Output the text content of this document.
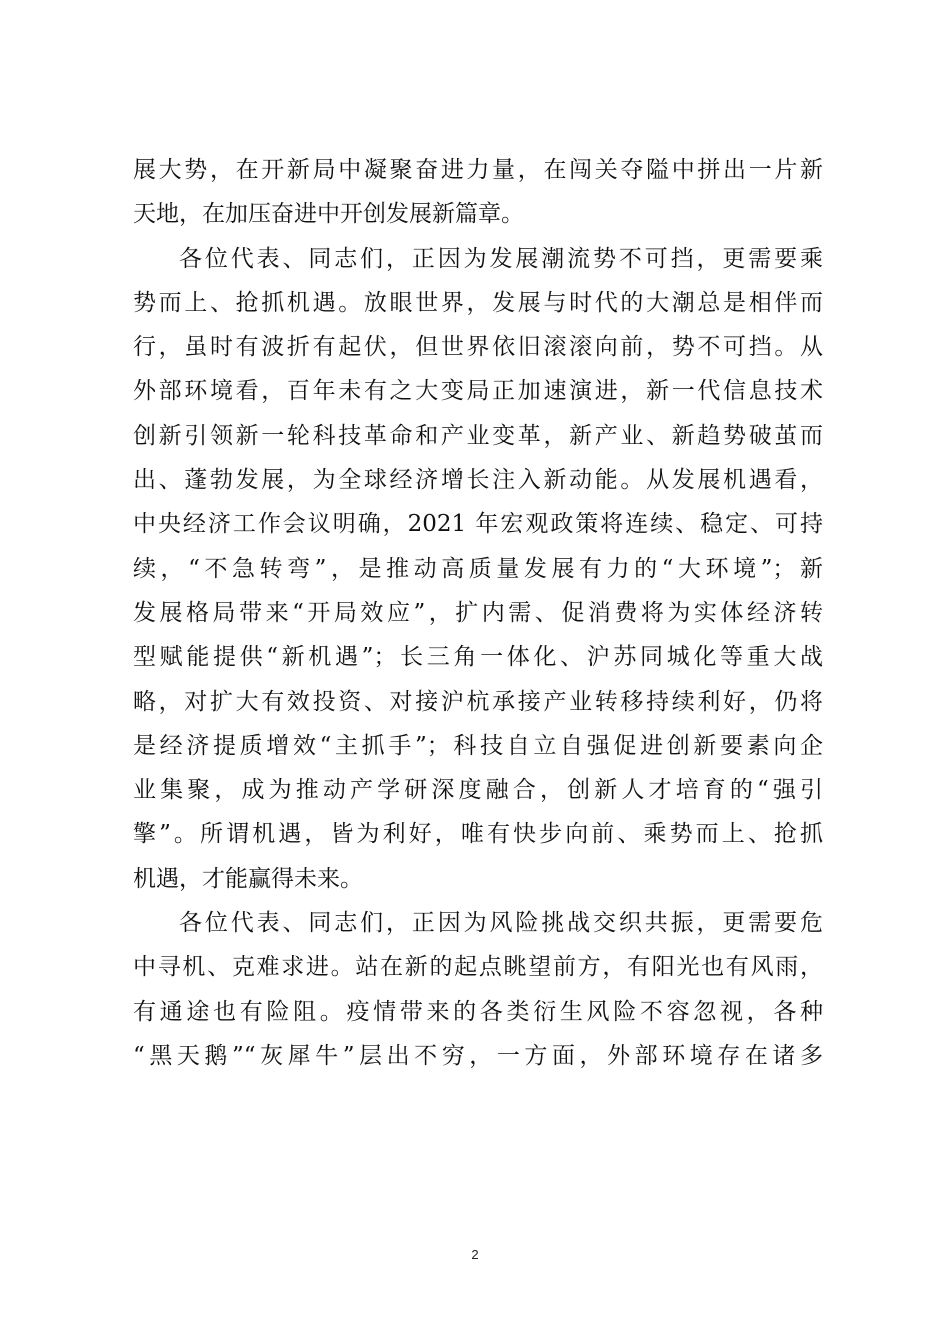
展大势，在开新局中凝聚奋进力量，在闯关夺隘中拼出一片新
天地，在加压奋进中开创发展新篇章。
各位代表、同志们，正因为发展潮流势不可挡，更需要乘
势而上、抢抓机遇。放眼世界，发展与时代的大潮总是相伴而
行，虽时有波折有起伏，但世界依旧滚滚向前，势不可挡。从
外部环境看，百年未有之大变局正加速演进，新一代信息技术
创新引领新一轮科技革命和产业变革，新产业、新趋势破茧而
出、蓬勃发展，为全球经济增长注入新动能。从发展机遇看，
中央经济工作会议明确，2021 年宏观政策将连续、稳定、可持
续，“不急转弯”，是推动高质量发展有力的“大环境”；新
发展格局带来“开局效应”，扩内需、促消费将为实体经济转
型赋能提供“新机遇”；长三角一体化、沪苏同城化等重大战
略，对扩大有效投资、对接沪杭承接产业转移持续利好，仍将
是经济提质增效“主抓手”；科技自立自强促进创新要素向企
业集聚，成为推动产学研深度融合，创新人才培育的“强引
擎”。所谓机遇，皆为利好，唯有快步向前、乘势而上、抢抓
机遇，才能赢得未来。
各位代表、同志们，正因为风险挑战交织共振，更需要危
中寻机、克难求进。站在新的起点眺望前方，有阳光也有风雨，
有通途也有险阻。疫情带来的各类衍生风险不容忽视，各种
“黑天鹅”“灰犀牛”层出不穷，一方面，外部环境存在诸多
2
